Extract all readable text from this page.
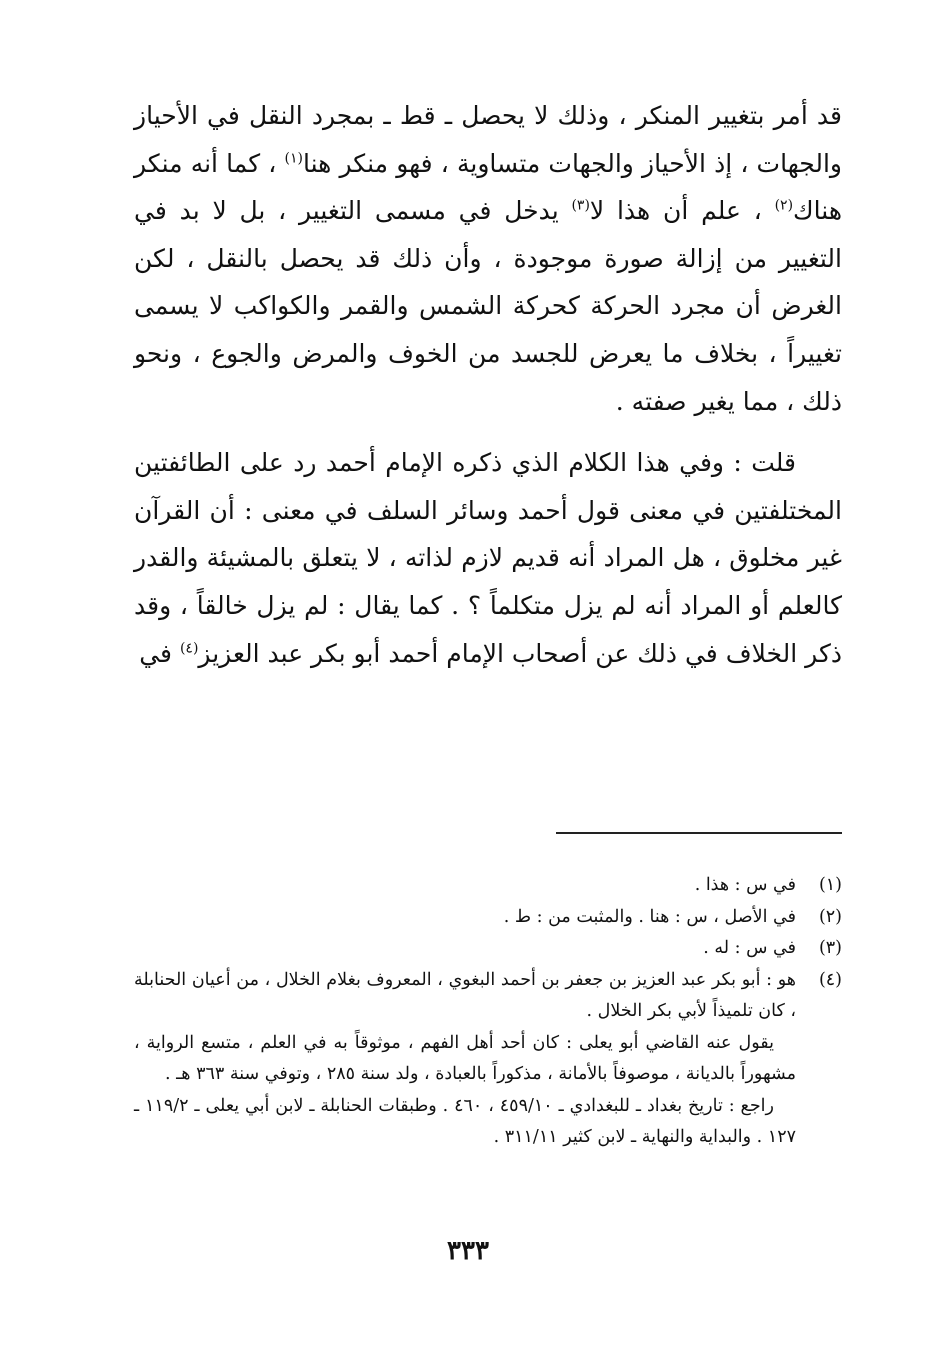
قد أمر بتغيير المنكر ، وذلك لا يحصل ـ قط ـ بمجرد النقل في الأحياز والجهات ، إذ الأحياز والجهات متساوية ، فهو منكر هنا$^{(١)}$ ، كما أنه منكر هناك$^{(٢)}$ ، علم أن هذا لا$^{(٣)}$ يدخل في مسمى التغيير ، بل لا بد في التغيير من إزالة صورة موجودة ، وأن ذلك قد يحصل بالنقل ، لكن الغرض أن مجرد الحركة كحركة الشمس والقمر والكواكب لا يسمى تغييراً ، بخلاف ما يعرض للجسد من الخوف والمرض والجوع ، ونحو ذلك ، مما يغير صفته .

قلت : وفي هذا الكلام الذي ذكره الإمام أحمد رد على الطائفتين المختلفتين في معنى قول أحمد وسائر السلف في معنى : أن القرآن غير مخلوق ، هل المراد أنه قديم لازم لذاته ، لا يتعلق بالمشيئة والقدر كالعلم أو المراد أنه لم يزل متكلماً ؟ . كما يقال : لم يزل خالقاً ، وقد ذكر الخلاف في ذلك عن أصحاب الإمام أحمد أبو بكر عبد العزيز$^{(٤)}$ في

(١)

في س : هذا .

(٢)

في الأصل ، س : هنا . والمثبت من : ط .

(٣)

في س : له .

(٤)

هو : أبو بكر عبد العزيز بن جعفر بن أحمد البغوي ، المعروف بغلام الخلال ، من أعيان الحنابلة ، كان تلميذاً لأبي بكر الخلال .

يقول عنه القاضي أبو يعلى : كان أحد أهل الفهم ، موثوقاً به في العلم ، متسع الرواية ، مشهوراً بالديانة ، موصوفاً بالأمانة ، مذكوراً بالعبادة ، ولد سنة ٢٨٥ ، وتوفي سنة ٣٦٣ هـ .

راجع : تاريخ بغداد ـ للبغدادي ـ ٤٥٩/١٠ ، ٤٦٠ . وطبقات الحنابلة ـ لابن أبي يعلى ـ ١١٩/٢ ـ ١٢٧ . والبداية والنهاية ـ لابن كثير ٣١١/١١ .

٣٣٣
